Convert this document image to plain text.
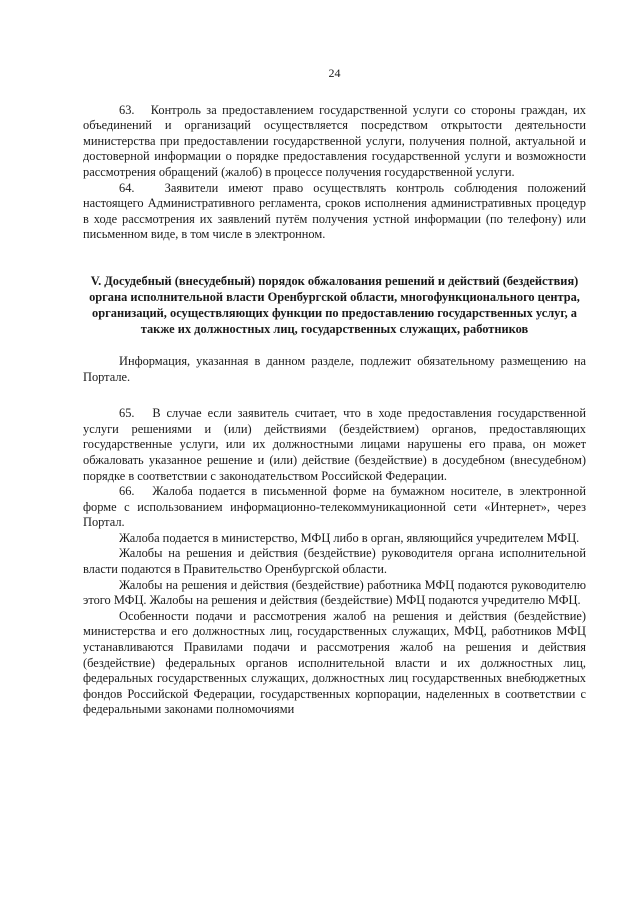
24

63.   Контроль за предоставлением государственной услуги со стороны граждан, их объединений и организаций осуществляется посредством открытости деятельности министерства при предоставлении государственной услуги, получения полной, актуальной и достоверной информации о порядке предоставления государственной услуги и возможности рассмотрения обращений (жалоб) в процессе получения государственной услуги.

64.   Заявители имеют право осуществлять контроль соблюдения положений настоящего Административного регламента, сроков исполнения административных процедур в ходе рассмотрения их заявлений путём получения устной информации (по телефону) или письменном виде, в том числе в электронном.

V. Досудебный (внесудебный) порядок обжалования решений и действий (бездействия) органа исполнительной власти Оренбургской области, многофункционального центра, организаций, осуществляющих функции по предоставлению государственных услуг, а также их должностных лиц, государственных служащих, работников

Информация, указанная в данном разделе, подлежит обязательному размещению на Портале.

65.   В случае если заявитель считает, что в ходе предоставления государственной услуги решениями и (или) действиями (бездействием) органов, предоставляющих государственные услуги, или их должностными лицами нарушены его права, он может обжаловать указанное решение и (или) действие (бездействие) в досудебном (внесудебном) порядке в соответствии с законодательством Российской Федерации.

66.   Жалоба подается в письменной форме на бумажном носителе, в электронной форме с использованием информационно-телекоммуникационной сети «Интернет», через Портал.

Жалоба подается в министерство, МФЦ либо в орган, являющийся учредителем МФЦ.

Жалобы на решения и действия (бездействие) руководителя органа исполнительной власти подаются в Правительство Оренбургской области.

Жалобы на решения и действия (бездействие) работника МФЦ подаются руководителю этого МФЦ. Жалобы на решения и действия (бездействие) МФЦ подаются учредителю МФЦ.

Особенности подачи и рассмотрения жалоб на решения и действия (бездействие) министерства и его должностных лиц, государственных служащих, МФЦ, работников МФЦ устанавливаются Правилами подачи и рассмотрения жалоб на решения и действия (бездействие) федеральных органов исполнительной власти и их должностных лиц, федеральных государственных служащих, должностных лиц государственных внебюджетных фондов Российской Федерации, государственных корпорации, наделенных в соответствии с федеральными законами полномочиями
